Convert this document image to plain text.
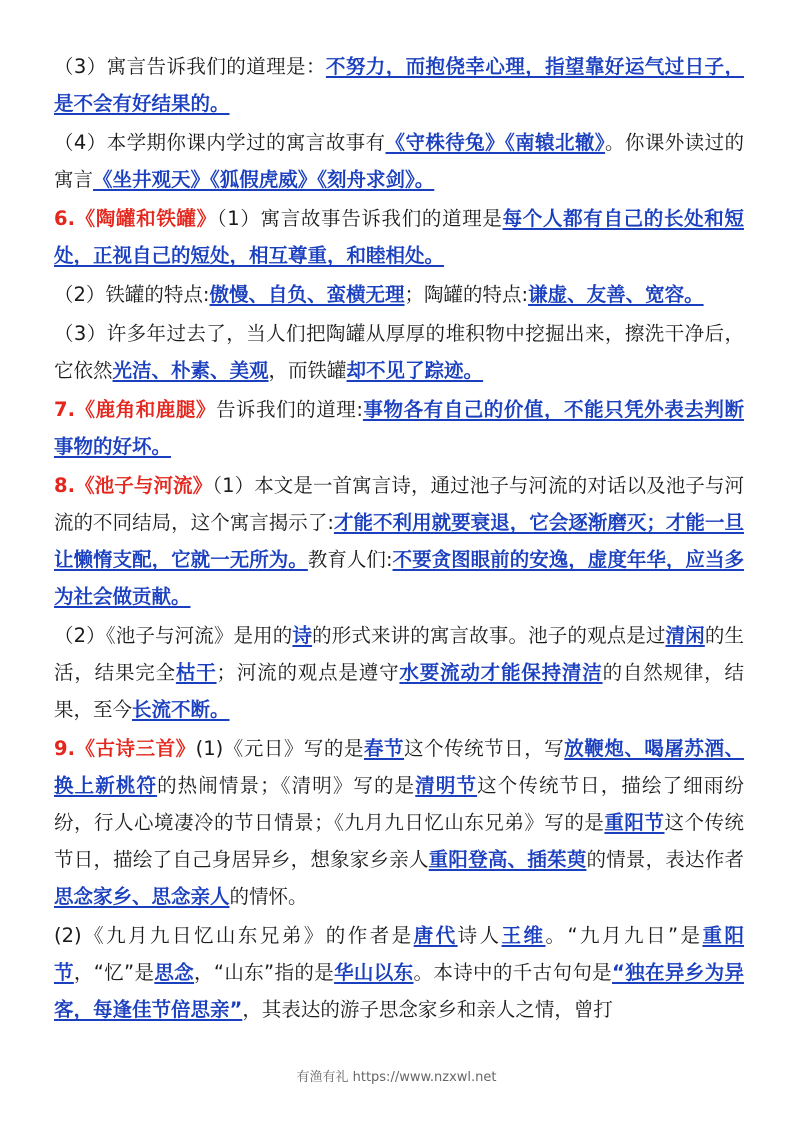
（3）寓言告诉我们的道理是：不努力，而抱侥幸心理，指望靠好运气过日子，是不会有好结果的。

（4）本学期你课内学过的寓言故事有《守株待兔》《南辕北辙》。你课外读过的寓言《坐井观天》《狐假虎威》《刻舟求剑》。

6.《陶罐和铁罐》（1）寓言故事告诉我们的道理是每个人都有自己的长处和短处，正视自己的短处，相互尊重，和睦相处。

（2）铁罐的特点:傲慢、自负、蛮横无理；陶罐的特点:谦虚、友善、宽容。

（3）许多年过去了，当人们把陶罐从厚厚的堆积物中挖掘出来，擦洗干净后，它依然光洁、朴素、美观，而铁罐却不见了踪迹。

7.《鹿角和鹿腿》告诉我们的道理:事物各有自己的价值，不能只凭外表去判断事物的好坏。

8.《池子与河流》（1）本文是一首寓言诗，通过池子与河流的对话以及池子与河流的不同结局，这个寓言揭示了:才能不利用就要衰退，它会逐渐磨灭；才能一旦让懒惰支配，它就一无所为。教育人们:不要贪图眼前的安逸，虚度年华，应当多为社会做贡献。

（2）《池子与河流》是用的诗的形式来讲的寓言故事。池子的观点是过清闲的生活，结果完全枯干；河流的观点是遵守水要流动才能保持清洁的自然规律，结果，至今长流不断。

9.《古诗三首》(1)《元日》写的是春节这个传统节日，写放鞭炮、喝屠苏酒、换上新桃符的热闹情景；《清明》写的是清明节这个传统节日，描绘了细雨纷纷，行人心境凄冷的节日情景；《九月九日忆山东兄弟》写的是重阳节这个传统节日，描绘了自己身居异乡，想象家乡亲人重阳登高、插茱萸的情景，表达作者思念家乡、思念亲人的情怀。

(2)《九月九日忆山东兄弟》的作者是唐代诗人王维。“九月九日”是重阳节，“忆”是思念，“山东”指的是华山以东。本诗中的千古句句是“独在异乡为异客，每逢佳节倍思亲”，其表达的游子思念家乡和亲人之情，曾打

有渔有礼 https://www.nzxwl.net
